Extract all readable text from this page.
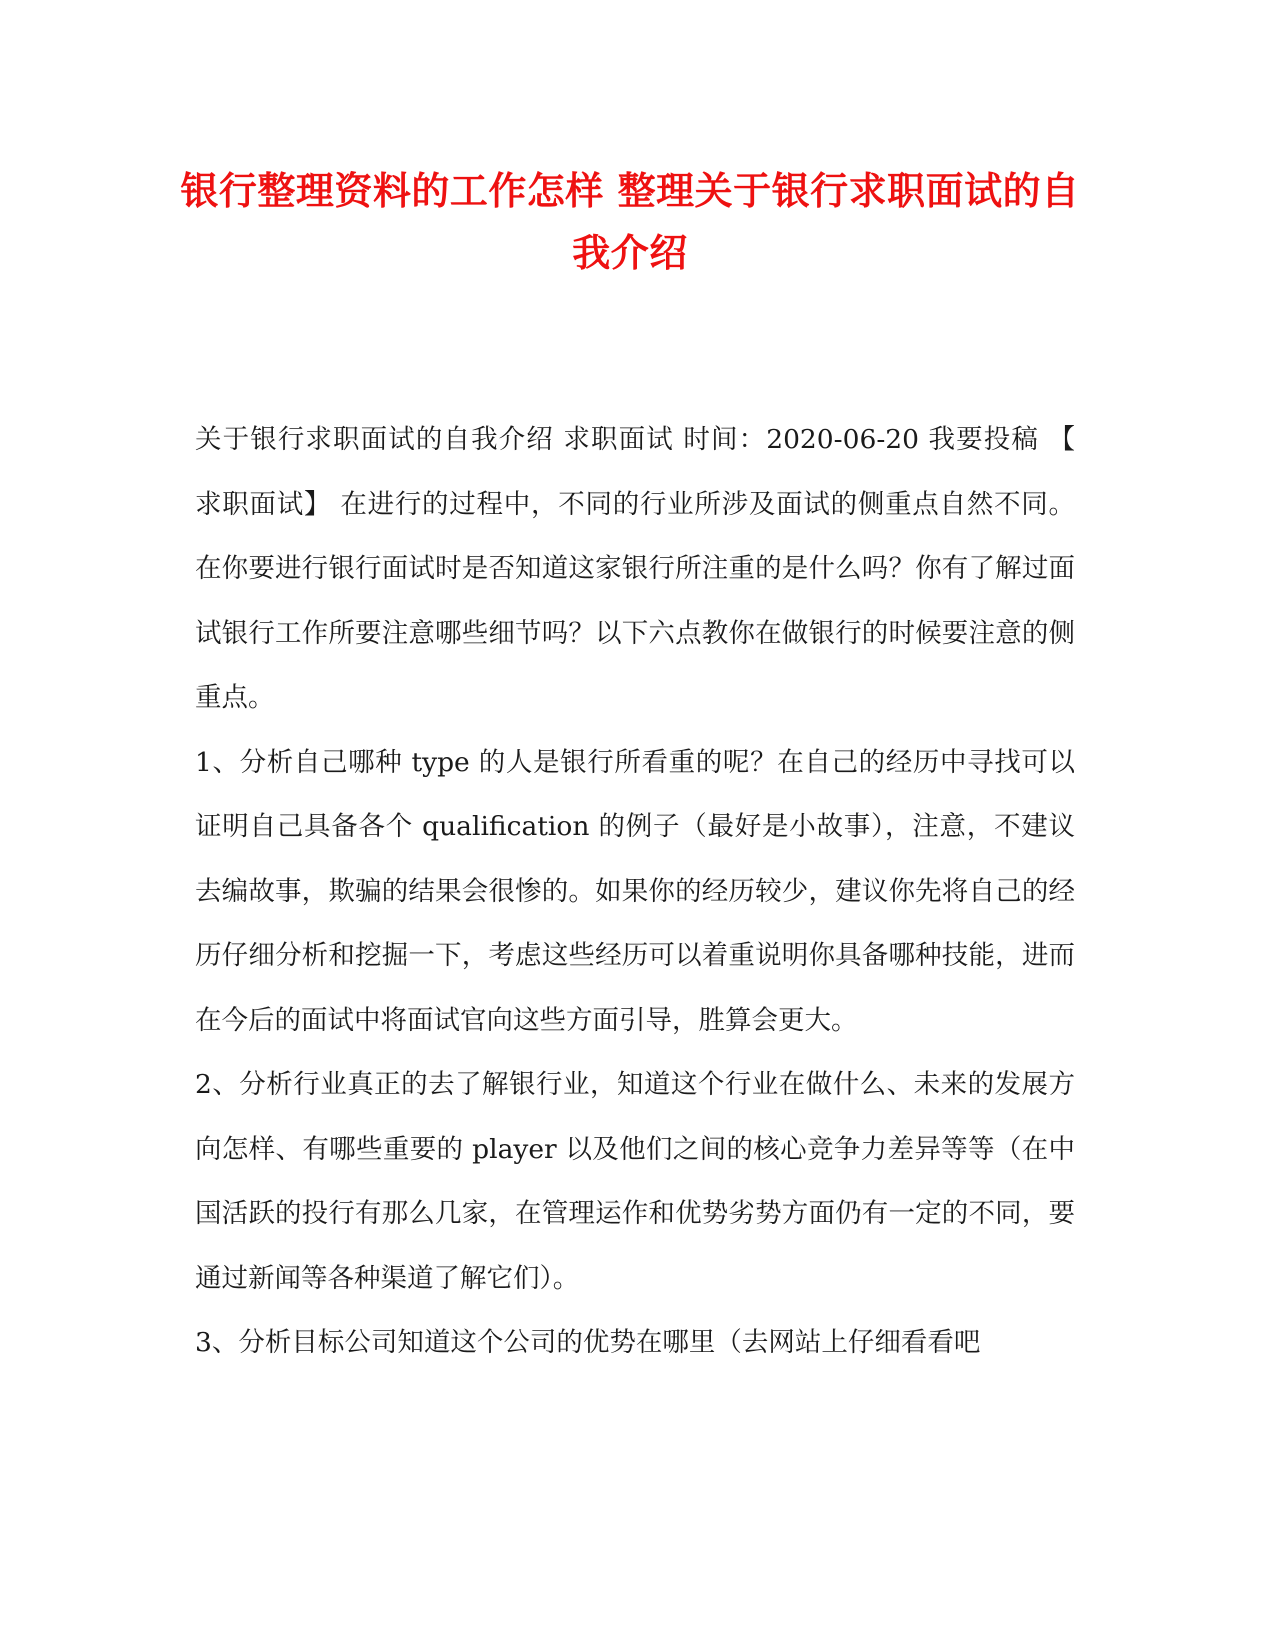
银行整理资料的工作怎样 整理关于银行求职面试的自我介绍

关于银行求职面试的自我介绍 求职面试 时间：2020-06-20 我要投稿 【 求职面试】 在进行的过程中，不同的行业所涉及面试的侧重点自然不同。在你要进行银行面试时是否知道这家银行所注重的是什么吗？你有了解过面试银行工作所要注意哪些细节吗？以下六点教你在做银行的时候要注意的侧重点。

1、分析自己哪种 type 的人是银行所看重的呢？在自己的经历中寻找可以证明自己具备各个 qualification 的例子（最好是小故事），注意，不建议去编故事，欺骗的结果会很惨的。如果你的经历较少，建议你先将自己的经历仔细分析和挖掘一下，考虑这些经历可以着重说明你具备哪种技能，进而在今后的面试中将面试官向这些方面引导，胜算会更大。

2、分析行业真正的去了解银行业，知道这个行业在做什么、未来的发展方向怎样、有哪些重要的 player 以及他们之间的核心竞争力差异等等（在中国活跃的投行有那么几家，在管理运作和优势劣势方面仍有一定的不同，要通过新闻等各种渠道了解它们）。

3、分析目标公司知道这个公司的优势在哪里（去网站上仔细看看吧
